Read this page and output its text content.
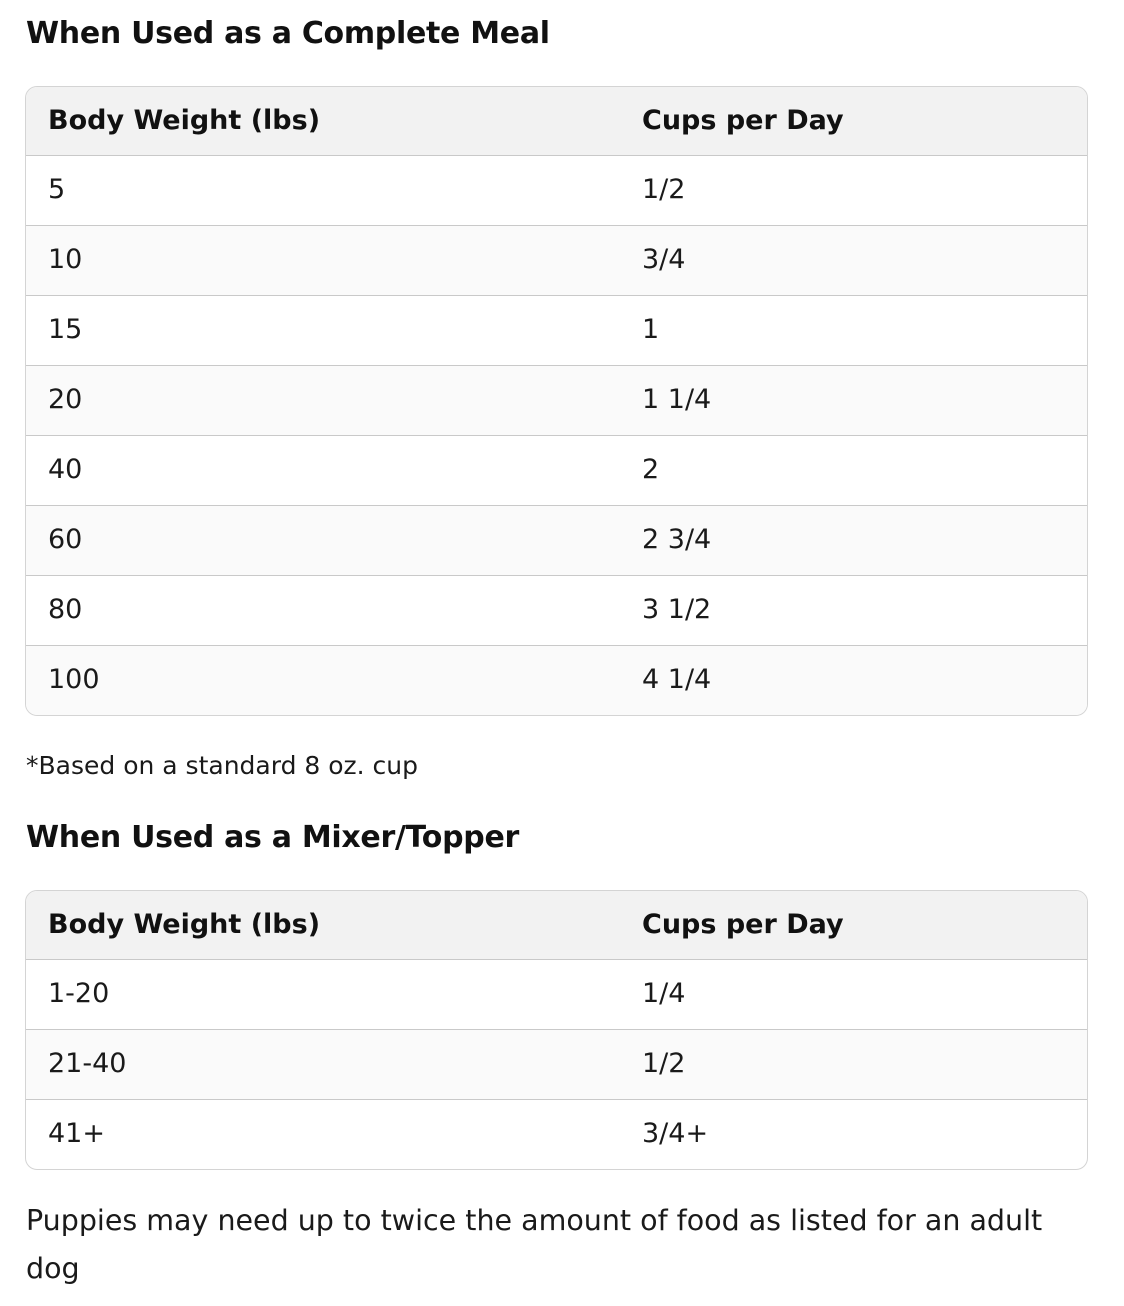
When Used as a Complete Meal
Body Weight (lbs)	Cups per Day
5	1/2
10	3/4
15	1
20	1 1/4
40	2
60	2 3/4
80	3 1/2
100	4 1/4

*Based on a standard 8 oz. cup

When Used as a Mixer/Topper
Body Weight (lbs)	Cups per Day
1-20	1/4
21-40	1/2
41+	3/4+

Puppies may need up to twice the amount of food as listed for an adult dog
